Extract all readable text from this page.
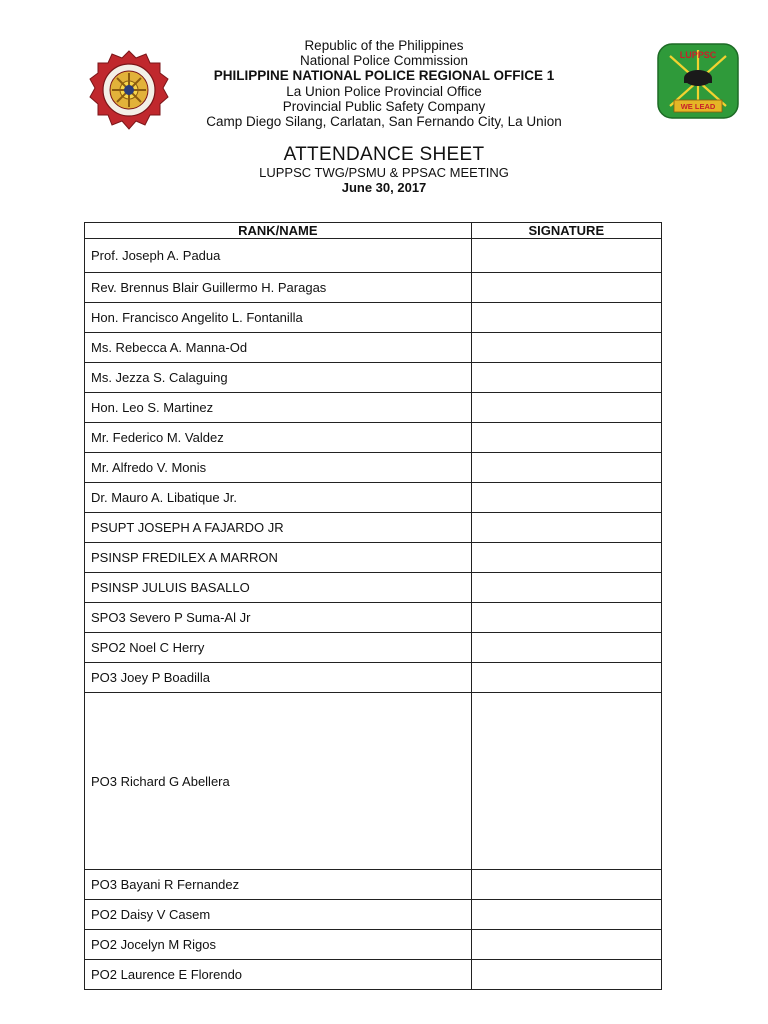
LUPPSC
WE LEAD
Republic of the Philippines
National Police Commission
PHILIPPINE NATIONAL POLICE REGIONAL OFFICE 1
La Union Police Provincial Office
Provincial Public Safety Company
Camp Diego Silang, Carlatan, San Fernando City, La Union
ATTENDANCE SHEET
LUPPSC TWG/PSMU & PPSAC MEETING
June 30, 2017
RANK/NAME	SIGNATURE
Prof. Joseph A. Padua	
Rev. Brennus Blair Guillermo H. Paragas	
Hon. Francisco Angelito L. Fontanilla	
Ms. Rebecca A. Manna-Od	
Ms. Jezza S. Calaguing	
Hon. Leo S. Martinez	
Mr. Federico M. Valdez	
Mr. Alfredo V. Monis	
Dr. Mauro A. Libatique Jr.	
PSUPT JOSEPH A FAJARDO JR	
PSINSP FREDILEX A MARRON	
PSINSP JULUIS BASALLO	
SPO3 Severo P Suma-Al Jr	
SPO2 Noel C Herry	
PO3 Joey P Boadilla	
PO3 Richard G Abellera	
PO3 Bayani R Fernandez	
PO2 Daisy V Casem	
PO2 Jocelyn M Rigos	
PO2 Laurence E Florendo	
